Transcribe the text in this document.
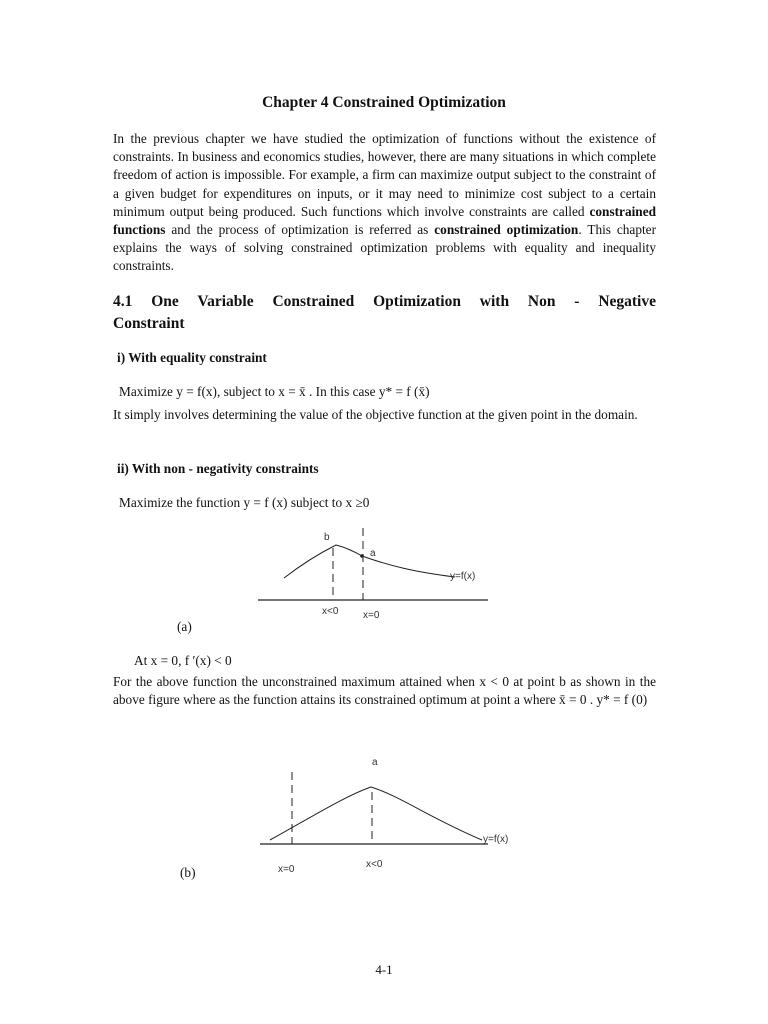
Chapter 4 Constrained Optimization
In the previous chapter we have studied the optimization of functions without the existence of constraints. In business and economics studies, however, there are many situations in which complete freedom of action is impossible. For example, a firm can maximize output subject to the constraint of a given budget for expenditures on inputs, or it may need to minimize cost subject to a certain minimum output being produced. Such functions which involve constraints are called constrained functions and the process of optimization is referred as constrained optimization. This chapter explains the ways of solving constrained optimization problems with equality and inequality constraints.
4.1 One Variable Constrained Optimization with Non - Negative
Constraint
i) With equality constraint
Maximize y = f(x), subject to x = x̄ . In this case y* = f (x̄)
It simply involves determining the value of the objective function at the given point in the domain.
ii) With non - negativity constraints
Maximize the function y = f (x) subject to x ≥0
b
a
y=f(x)
x<0 x=0
(a)
At x = 0, f ′(x) < 0
For the above function the unconstrained maximum attained when x < 0 at point b as shown in the above figure where as the function attains its constrained optimum at point a where x̄ = 0 . y* = f (0)
a
y=f(x)
x=0	x<0
(b)
4-1
